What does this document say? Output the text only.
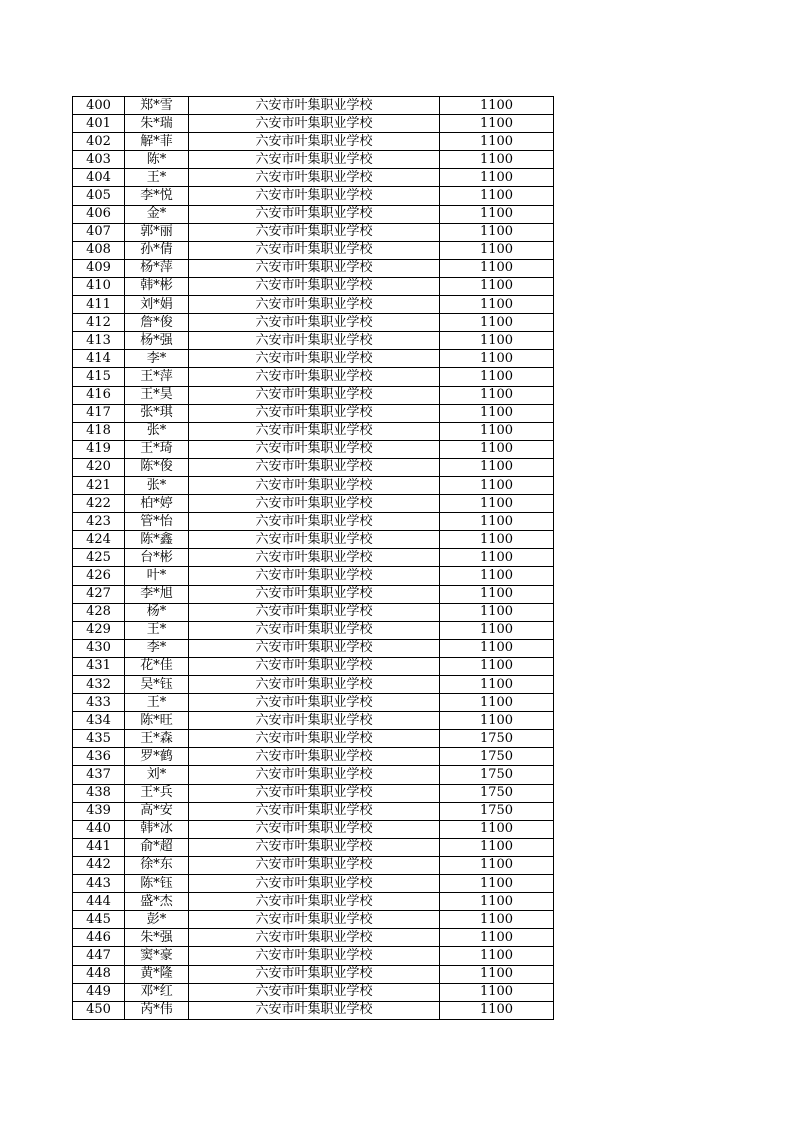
400	郑*雪	六安市叶集职业学校	1100
401	朱*瑞	六安市叶集职业学校	1100
402	解*菲	六安市叶集职业学校	1100
403	陈*	六安市叶集职业学校	1100
404	王*	六安市叶集职业学校	1100
405	李*悦	六安市叶集职业学校	1100
406	金*	六安市叶集职业学校	1100
407	郭*丽	六安市叶集职业学校	1100
408	孙*倩	六安市叶集职业学校	1100
409	杨*萍	六安市叶集职业学校	1100
410	韩*彬	六安市叶集职业学校	1100
411	刘*娟	六安市叶集职业学校	1100
412	詹*俊	六安市叶集职业学校	1100
413	杨*强	六安市叶集职业学校	1100
414	李*	六安市叶集职业学校	1100
415	王*萍	六安市叶集职业学校	1100
416	王*昊	六安市叶集职业学校	1100
417	张*琪	六安市叶集职业学校	1100
418	张*	六安市叶集职业学校	1100
419	王*琦	六安市叶集职业学校	1100
420	陈*俊	六安市叶集职业学校	1100
421	张*	六安市叶集职业学校	1100
422	柏*婷	六安市叶集职业学校	1100
423	管*怡	六安市叶集职业学校	1100
424	陈*鑫	六安市叶集职业学校	1100
425	台*彬	六安市叶集职业学校	1100
426	叶*	六安市叶集职业学校	1100
427	李*旭	六安市叶集职业学校	1100
428	杨*	六安市叶集职业学校	1100
429	王*	六安市叶集职业学校	1100
430	李*	六安市叶集职业学校	1100
431	花*佳	六安市叶集职业学校	1100
432	吴*钰	六安市叶集职业学校	1100
433	王*	六安市叶集职业学校	1100
434	陈*旺	六安市叶集职业学校	1100
435	王*森	六安市叶集职业学校	1750
436	罗*鹤	六安市叶集职业学校	1750
437	刘*	六安市叶集职业学校	1750
438	王*兵	六安市叶集职业学校	1750
439	高*安	六安市叶集职业学校	1750
440	韩*冰	六安市叶集职业学校	1100
441	俞*超	六安市叶集职业学校	1100
442	徐*东	六安市叶集职业学校	1100
443	陈*钰	六安市叶集职业学校	1100
444	盛*杰	六安市叶集职业学校	1100
445	彭*	六安市叶集职业学校	1100
446	朱*强	六安市叶集职业学校	1100
447	窦*豪	六安市叶集职业学校	1100
448	黄*隆	六安市叶集职业学校	1100
449	邓*红	六安市叶集职业学校	1100
450	芮*伟	六安市叶集职业学校	1100
